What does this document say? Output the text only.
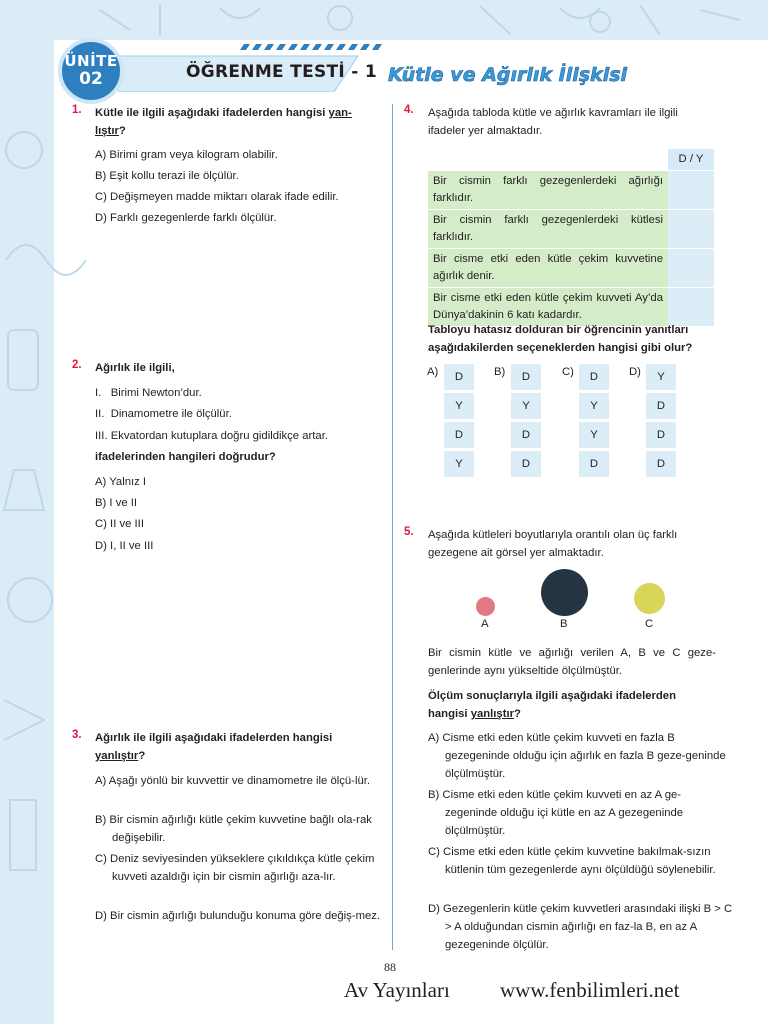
ÜNİTE
02	ÖĞRENME TESTİ - 1 Kütle ve Ağırlık İlişkisi
1. Kütle ile ilgili aşağıdaki ifadelerden hangisi yan-
lıştır?
A) Birimi gram veya kilogram olabilir.
B) Eşit kollu terazi ile ölçülür.
C) Değişmeyen madde miktarı olarak ifade edilir.
D) Farklı gezegenlerde farklı ölçülür.
2. Ağırlık ile ilgili,
I.   Birimi Newton’dur.
II.  Dinamometre ile ölçülür.
III. Ekvatordan kutuplara doğru gidildikçe artar.
ifadelerinden hangileri doğrudur?
A) Yalnız I
B) I ve II
C) II ve III
D) I, II ve III
3. Ağırlık ile ilgili aşağıdaki ifadelerden hangisi
yanlıştır?
A) Aşağı yönlü bir kuvvettir ve dinamometre ile ölçü-lür.
B) Bir cismin ağırlığı kütle çekim kuvvetine bağlı ola-rak değişebilir.
C) Deniz seviyesinden yükseklere çıkıldıkça kütle çekim kuvveti azaldığı için bir cismin ağırlığı aza-lır.
D) Bir cismin ağırlığı bulunduğu konuma göre değiş-mez.
4. Aşağıda tabloda kütle ve ağırlık kavramları ile ilgili ifadeler yer almaktadır.
	D / Y
Bir cismin farklı gezegenlerdeki ağırlığı farklıdır.	
Bir cismin farklı gezegenlerdeki kütlesi farklıdır.	
Bir cisme etki eden kütle çekim kuvvetine ağırlık denir.	
Bir cisme etki eden kütle çekim kuvveti Ay’da Dünya’dakinin 6 katı kadardır.	
Tabloyu hatasız dolduran bir öğrencinin yanıtları aşağıdakilerden seçeneklerden hangisi gibi olur?
A)	D
Y
D
Y
B)	D
Y
D
D
C)	D
Y
Y
D
D)	Y
D
D
D
5. Aşağıda kütleleri boyutlarıyla orantılı olan üç farklı gezegene ait görsel yer almaktadır.
A	B	C
Bir cismin kütle ve ağırlığı verilen A, B ve C geze-genlerinde aynı yükseltide ölçülmüştür.
Ölçüm sonuçlarıyla ilgili aşağıdaki ifadelerden hangisi yanlıştır?
A) Cisme etki eden kütle çekim kuvveti en fazla B gezegeninde olduğu için ağırlık en fazla B geze-geninde ölçülmüştür.
B) Cisme etki eden kütle çekim kuvveti en az A ge-zegeninde olduğu içi kütle en az A gezegeninde ölçülmüştür.
C) Cisme etki eden kütle çekim kuvvetine bakılmak-sızın kütlenin tüm gezegenlerde aynı ölçüldüğü söylenebilir.
D) Gezegenlerin kütle çekim kuvvetleri arasındaki ilişki B > C > A olduğundan cismin ağırlığı en faz-la B, en az A gezegeninde ölçülür.
88
Av Yayınları www.fenbilimleri.net
